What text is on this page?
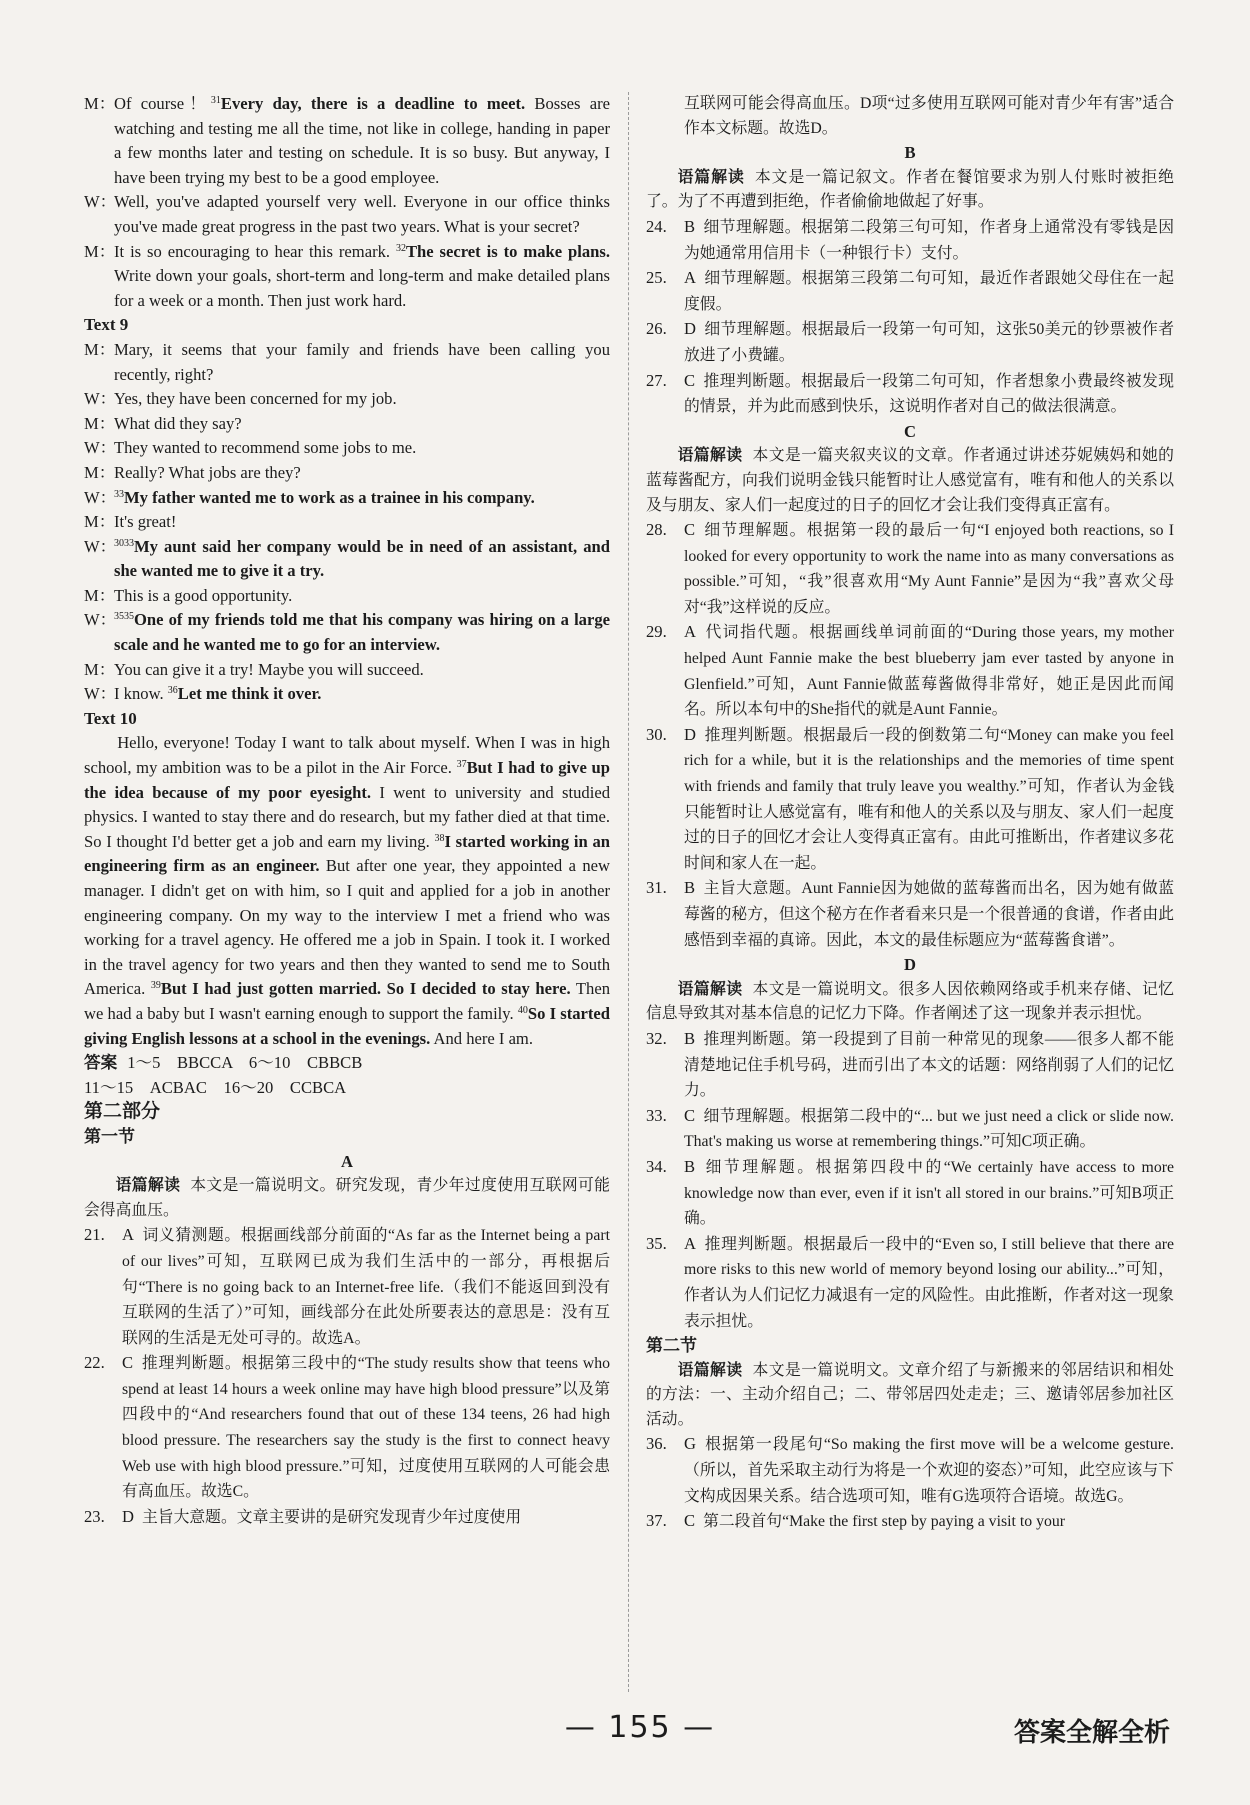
M：
Of course！$^{31}$Every day, there is a deadline to meet. Bosses are watching and testing me all the time, not like in college, handing in paper a few months later and testing on schedule. It is so busy. But anyway, I have been trying my best to be a good employee.
W：
Well, you've adapted yourself very well. Everyone in our office thinks you've made great progress in the past two years. What is your secret?
M：
It is so encouraging to hear this remark. $^{32}$The secret is to make plans. Write down your goals, short-term and long-term and make detailed plans for a week or a month. Then just work hard.
Text 9
M：
Mary, it seems that your family and friends have been calling you recently, right?
W：
Yes, they have been concerned for my job.
M：
What did they say?
W：
They wanted to recommend some jobs to me.
M：
Really? What jobs are they?
W：
$^{33}$My father wanted me to work as a trainee in his company.
M：
It's great!
W：
$^{3033}$My aunt said her company would be in need of an assistant, and she wanted me to give it a try.
M：
This is a good opportunity.
W：
$^{3535}$One of my friends told me that his company was hiring on a large scale and he wanted me to go for an interview.
M：
You can give it a try! Maybe you will succeed.
W：
I know. $^{36}$Let me think it over.
Text 10
Hello, everyone! Today I want to talk about myself. When I was in high school, my ambition was to be a pilot in the Air Force. $^{37}$But I had to give up the idea because of my poor eyesight. I went to university and studied physics. I wanted to stay there and do research, but my father died at that time. So I thought I'd better get a job and earn my living. $^{38}$I started working in an engineering firm as an engineer. But after one year, they appointed a new manager. I didn't get on with him, so I quit and applied for a job in another engineering company. On my way to the interview I met a friend who was working for a travel agency. He offered me a job in Spain. I took it. I worked in the travel agency for two years and then they wanted to send me to South America. $^{39}$But I had just gotten married. So I decided to stay here. Then we had a baby but I wasn't earning enough to support the family. $^{40}$So I started giving English lessons at a school in the evenings. And here I am.
答案 1～5　BBCCA　6～10　CBBCB
11～15　ACBAC　16～20　CCBCA
第二部分
第一节
A
语篇解读 本文是一篇说明文。研究发现，青少年过度使用互联网可能会得高血压。
21. A 词义猜测题。根据画线部分前面的“As far as the Internet being a part of our lives”可知，互联网已成为我们生活中的一部分，再根据后句“There is no going back to an Internet-free life.（我们不能返回到没有互联网的生活了）”可知，画线部分在此处所要表达的意思是：没有互联网的生活是无处可寻的。故选A。
22. C 推理判断题。根据第三段中的“The study results show that teens who spend at least 14 hours a week online may have high blood pressure”以及第四段中的“And researchers found that out of these 134 teens, 26 had high blood pressure. The researchers say the study is the first to connect heavy Web use with high blood pressure.”可知，过度使用互联网的人可能会患有高血压。故选C。
23. D 主旨大意题。文章主要讲的是研究发现青少年过度使用
互联网可能会得高血压。D项“过多使用互联网可能对青少年有害”适合作本文标题。故选D。
B
语篇解读 本文是一篇记叙文。作者在餐馆要求为别人付账时被拒绝了。为了不再遭到拒绝，作者偷偷地做起了好事。
24. B 细节理解题。根据第二段第三句可知，作者身上通常没有零钱是因为她通常用信用卡（一种银行卡）支付。
25. A 细节理解题。根据第三段第二句可知，最近作者跟她父母住在一起度假。
26. D 细节理解题。根据最后一段第一句可知，这张50美元的钞票被作者放进了小费罐。
27. C 推理判断题。根据最后一段第二句可知，作者想象小费最终被发现的情景，并为此而感到快乐，这说明作者对自己的做法很满意。
C
语篇解读 本文是一篇夹叙夹议的文章。作者通过讲述芬妮姨妈和她的蓝莓酱配方，向我们说明金钱只能暂时让人感觉富有，唯有和他人的关系以及与朋友、家人们一起度过的日子的回忆才会让我们变得真正富有。
28. C 细节理解题。根据第一段的最后一句“I enjoyed both reactions, so I looked for every opportunity to work the name into as many conversations as possible.”可知，“我”很喜欢用“My Aunt Fannie”是因为“我”喜欢父母对“我”这样说的反应。
29. A 代词指代题。根据画线单词前面的“During those years, my mother helped Aunt Fannie make the best blueberry jam ever tasted by anyone in Glenfield.”可知，Aunt Fannie做蓝莓酱做得非常好，她正是因此而闻名。所以本句中的She指代的就是Aunt Fannie。
30. D 推理判断题。根据最后一段的倒数第二句“Money can make you feel rich for a while, but it is the relationships and the memories of time spent with friends and family that truly leave you wealthy.”可知，作者认为金钱只能暂时让人感觉富有，唯有和他人的关系以及与朋友、家人们一起度过的日子的回忆才会让人变得真正富有。由此可推断出，作者建议多花时间和家人在一起。
31. B 主旨大意题。Aunt Fannie因为她做的蓝莓酱而出名，因为她有做蓝莓酱的秘方，但这个秘方在作者看来只是一个很普通的食谱，作者由此感悟到幸福的真谛。因此，本文的最佳标题应为“蓝莓酱食谱”。
D
语篇解读 本文是一篇说明文。很多人因依赖网络或手机来存储、记忆信息导致其对基本信息的记忆力下降。作者阐述了这一现象并表示担忧。
32. B 推理判断题。第一段提到了目前一种常见的现象——很多人都不能清楚地记住手机号码，进而引出了本文的话题：网络削弱了人们的记忆力。
33. C 细节理解题。根据第二段中的“... but we just need a click or slide now. That's making us worse at remembering things.”可知C项正确。
34. B 细节理解题。根据第四段中的“We certainly have access to more knowledge now than ever, even if it isn't all stored in our brains.”可知B项正确。
35. A 推理判断题。根据最后一段中的“Even so, I still believe that there are more risks to this new world of memory beyond losing our ability...”可知，作者认为人们记忆力减退有一定的风险性。由此推断，作者对这一现象表示担忧。
第二节
语篇解读 本文是一篇说明文。文章介绍了与新搬来的邻居结识和相处的方法：一、主动介绍自己；二、带邻居四处走走；三、邀请邻居参加社区活动。
36. G 根据第一段尾句“So making the first move will be a welcome gesture.（所以，首先采取主动行为将是一个欢迎的姿态）”可知，此空应该与下文构成因果关系。结合选项可知，唯有G选项符合语境。故选G。
37. C 第二段首句“Make the first step by paying a visit to your
— 155 —	答案全解全析
